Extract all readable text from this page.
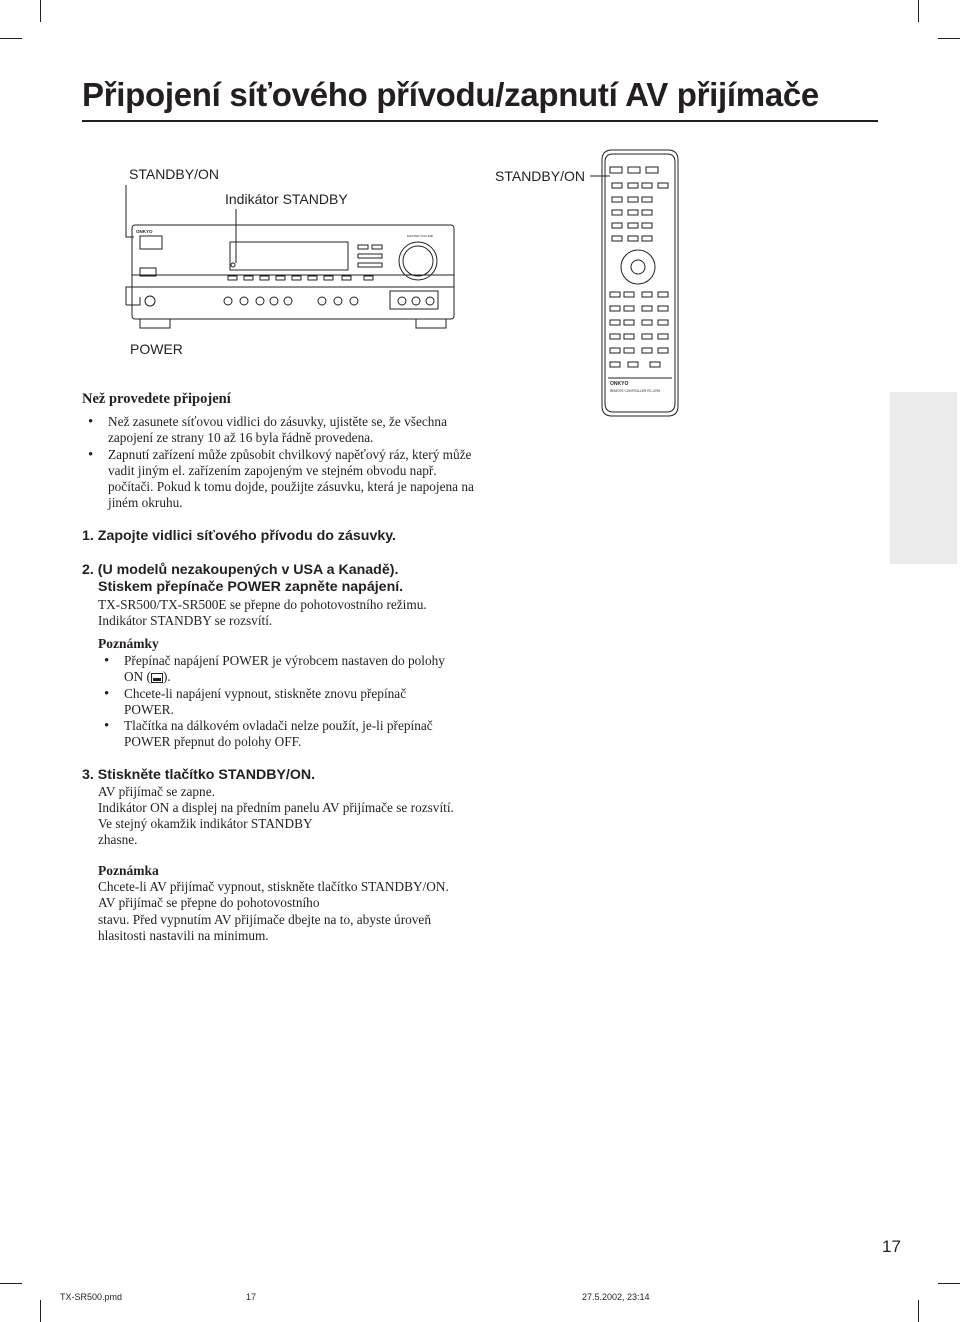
Připojení síťového přívodu/zapnutí AV přijímače
STANDBY/ON
Indikátor STANDBY
STANDBY/ON
POWER
ONKYO
MASTER VOLUME
ONKYO
REMOTE CONTROLLER RC-479S
Než provedete připojení
• Než zasunete síťovou vidlici do zásuvky, ujistěte se, že všechna zapojení ze strany 10 až 16 byla řádně provedena.
• Zapnutí zařízení může způsobit chvilkový napěťový ráz, který může vadit jiným el. zařízením zapojeným ve stejném obvodu např. počítači. Pokud k tomu dojde, použijte zásuvku, která je napojena na jiném okruhu.
1. Zapojte vidlici síťového přívodu do zásuvky.
2. (U modelů nezakoupených v USA a Kanadě).
Stiskem přepínače POWER zapněte napájení.
TX-SR500/TX-SR500E se přepne do pohotovostního režimu.
Indikátor STANDBY se rozsvítí.
Poznámky
• Přepínač napájení POWER je výrobcem nastaven do polohy ON ( ).
• Chcete-li napájení vypnout, stiskněte znovu přepínač POWER.
• Tlačítka na dálkovém ovladači nelze použít, je-li přepínač POWER přepnut do polohy OFF.
3. Stiskněte tlačítko STANDBY/ON.
AV přijímač se zapne.
Indikátor ON a displej na předním panelu AV přijímače se rozsvítí.
Ve stejný okamžik indikátor STANDBY
zhasne.
Poznámka
Chcete-li AV přijímač vypnout, stiskněte tlačítko STANDBY/ON.
AV přijímač se přepne do pohotovostního
stavu. Před vypnutím AV přijímače dbejte na to, abyste úroveň
hlasitosti nastavili na minimum.
17
TX-SR500.pmd	17	27.5.2002, 23:14
